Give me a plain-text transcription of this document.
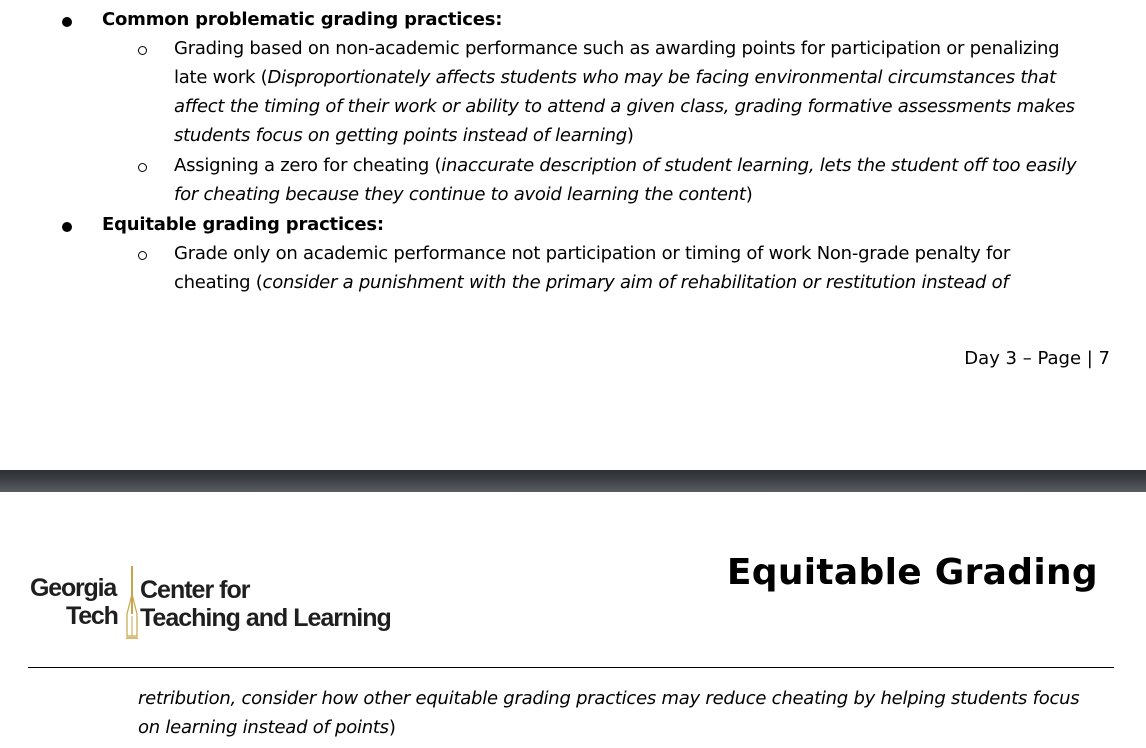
Common problematic grading practices:
Grading based on non-academic performance such as awarding points for participation or penalizing
late work (Disproportionately affects students who may be facing environmental circumstances that
affect the timing of their work or ability to attend a given class, grading formative assessments makes
students focus on getting points instead of learning)
Assigning a zero for cheating (inaccurate description of student learning, lets the student off too easily
for cheating because they continue to avoid learning the content)
Equitable grading practices:
Grade only on academic performance not participation or timing of work Non-grade penalty for
cheating (consider a punishment with the primary aim of rehabilitation or restitution instead of
Day 3 – Page | 7
Georgia
Tech
Center for
Teaching and Learning
Equitable Grading
retribution, consider how other equitable grading practices may reduce cheating by helping students focus
on learning instead of points)
